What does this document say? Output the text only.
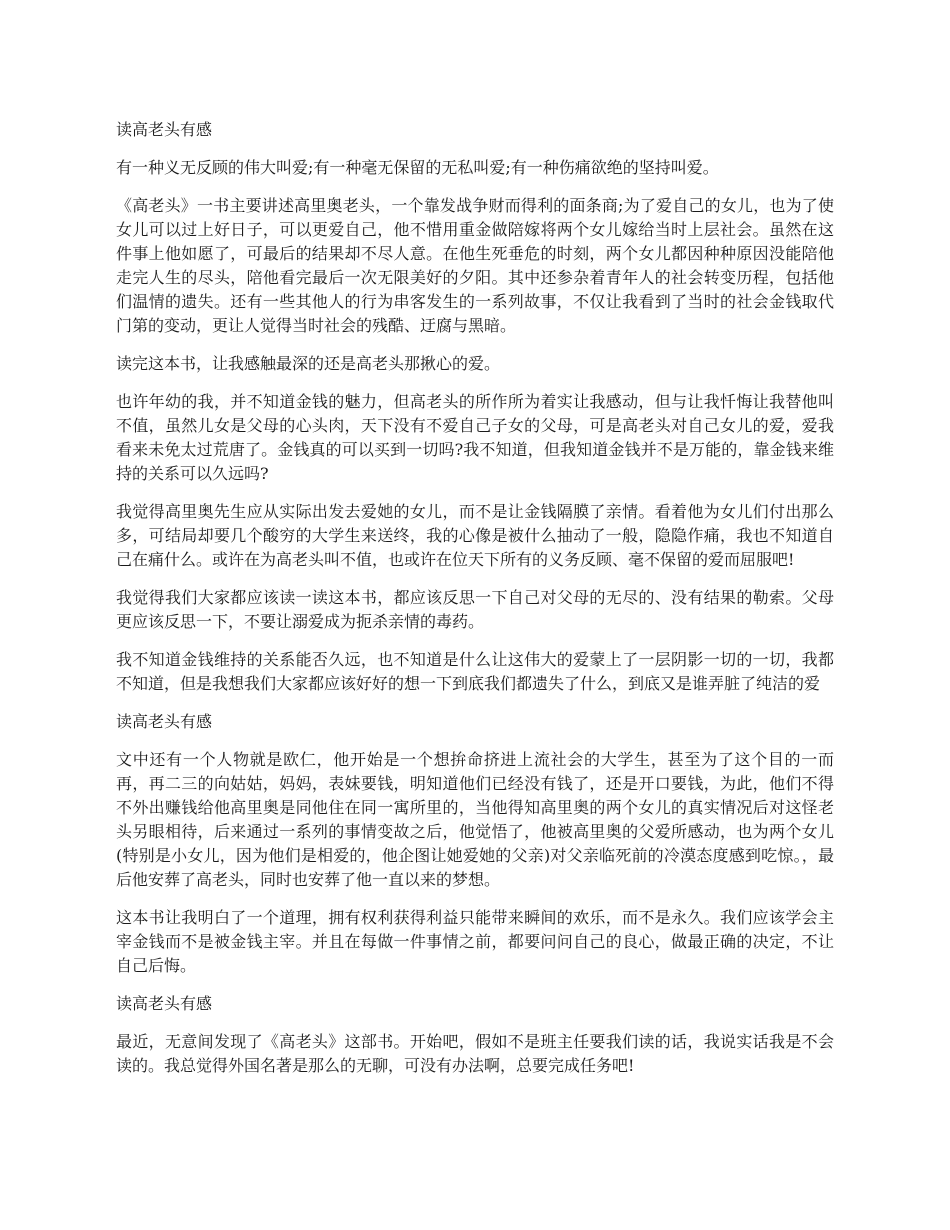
读高老头有感

有一种义无反顾的伟大叫爱;有一种毫无保留的无私叫爱;有一种伤痛欲绝的坚持叫爱。

《高老头》一书主要讲述高里奥老头，一个靠发战争财而得利的面条商;为了爱自己的女儿，也为了使女儿可以过上好日子，可以更爱自己，他不惜用重金做陪嫁将两个女儿嫁给当时上层社会。虽然在这件事上他如愿了，可最后的结果却不尽人意。在他生死垂危的时刻，两个女儿都因种种原因没能陪他走完人生的尽头，陪他看完最后一次无限美好的夕阳。其中还参杂着青年人的社会转变历程，包括他们温情的遗失。还有一些其他人的行为串客发生的一系列故事，不仅让我看到了当时的社会金钱取代门第的变动，更让人觉得当时社会的残酷、迂腐与黑暗。

读完这本书，让我感触最深的还是高老头那揪心的爱。

也许年幼的我，并不知道金钱的魅力，但高老头的所作所为着实让我感动，但与让我忏悔让我替他叫不值，虽然儿女是父母的心头肉，天下没有不爱自己子女的父母，可是高老头对自己女儿的爱，爱我看来未免太过荒唐了。金钱真的可以买到一切吗?我不知道，但我知道金钱并不是万能的，靠金钱来维持的关系可以久远吗?

我觉得高里奥先生应从实际出发去爱她的女儿，而不是让金钱隔膜了亲情。看着他为女儿们付出那么多，可结局却要几个酸穷的大学生来送终，我的心像是被什么抽动了一般，隐隐作痛，我也不知道自己在痛什么。或许在为高老头叫不值，也或许在位天下所有的义务反顾、毫不保留的爱而屈服吧!

我觉得我们大家都应该读一读这本书，都应该反思一下自己对父母的无尽的、没有结果的勒索。父母更应该反思一下，不要让溺爱成为扼杀亲情的毒药。

我不知道金钱维持的关系能否久远，也不知道是什么让这伟大的爱蒙上了一层阴影一切的一切，我都不知道，但是我想我们大家都应该好好的想一下到底我们都遗失了什么，到底又是谁弄脏了纯洁的爱

读高老头有感

文中还有一个人物就是欧仁，他开始是一个想拚命挤进上流社会的大学生，甚至为了这个目的一而再，再二三的向姑姑，妈妈，表妹要钱，明知道他们已经没有钱了，还是开口要钱，为此，他们不得不外出赚钱给他高里奥是同他住在同一寓所里的，当他得知高里奥的两个女儿的真实情况后对这怪老头另眼相待，后来通过一系列的事情变故之后，他觉悟了，他被高里奥的父爱所感动，也为两个女儿(特别是小女儿，因为他们是相爱的，他企图让她爱她的父亲)对父亲临死前的冷漠态度感到吃惊。，最后他安葬了高老头，同时也安葬了他一直以来的梦想。

这本书让我明白了一个道理，拥有权利获得利益只能带来瞬间的欢乐，而不是永久。我们应该学会主宰金钱而不是被金钱主宰。并且在每做一件事情之前，都要问问自己的良心，做最正确的决定，不让自己后悔。

读高老头有感

最近，无意间发现了《高老头》这部书。开始吧，假如不是班主任要我们读的话，我说实话我是不会读的。我总觉得外国名著是那么的无聊，可没有办法啊，总要完成任务吧!
